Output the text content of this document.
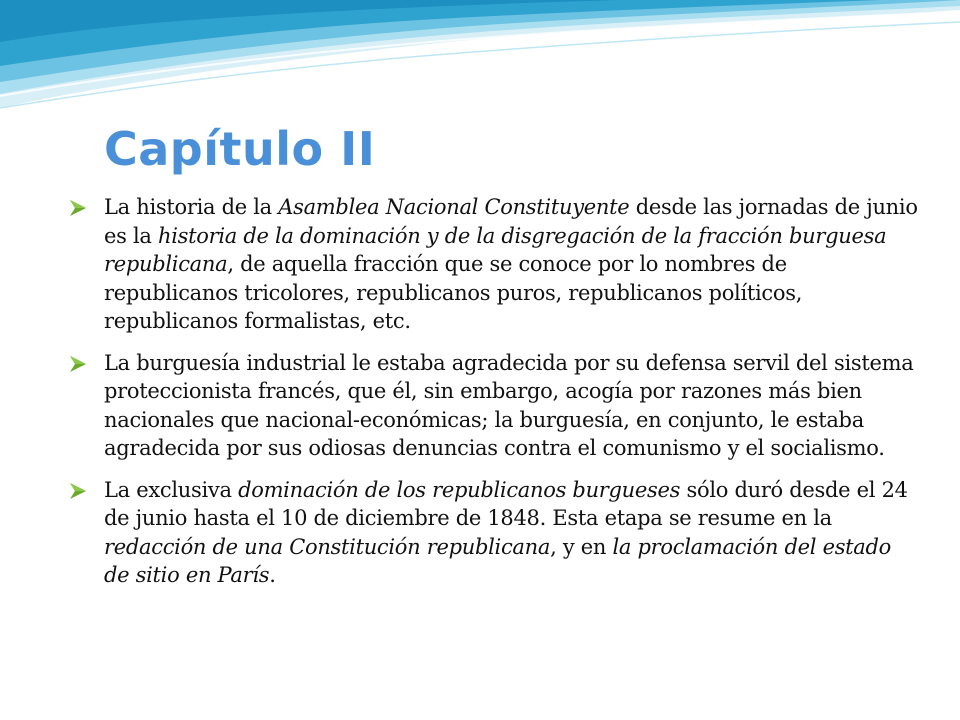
Capítulo II
La historia de la Asamblea Nacional Constituyente desde las jornadas de junio es la historia de la dominación y de la disgregación de la fracción burguesa republicana, de aquella fracción que se conoce por lo nombres de republicanos tricolores, republicanos puros, republicanos políticos, republicanos formalistas, etc.
La burguesía industrial le estaba agradecida por su defensa servil del sistema proteccionista francés, que él, sin embargo, acogía por razones más bien nacionales que nacional-económicas; la burguesía, en conjunto, le estaba agradecida por sus odiosas denuncias contra el comunismo y el socialismo.
La exclusiva dominación de los republicanos burgueses sólo duró desde el 24 de junio hasta el 10 de diciembre de 1848. Esta etapa se resume en la redacción de una Constitución republicana, y en la proclamación del estado de sitio en París.
